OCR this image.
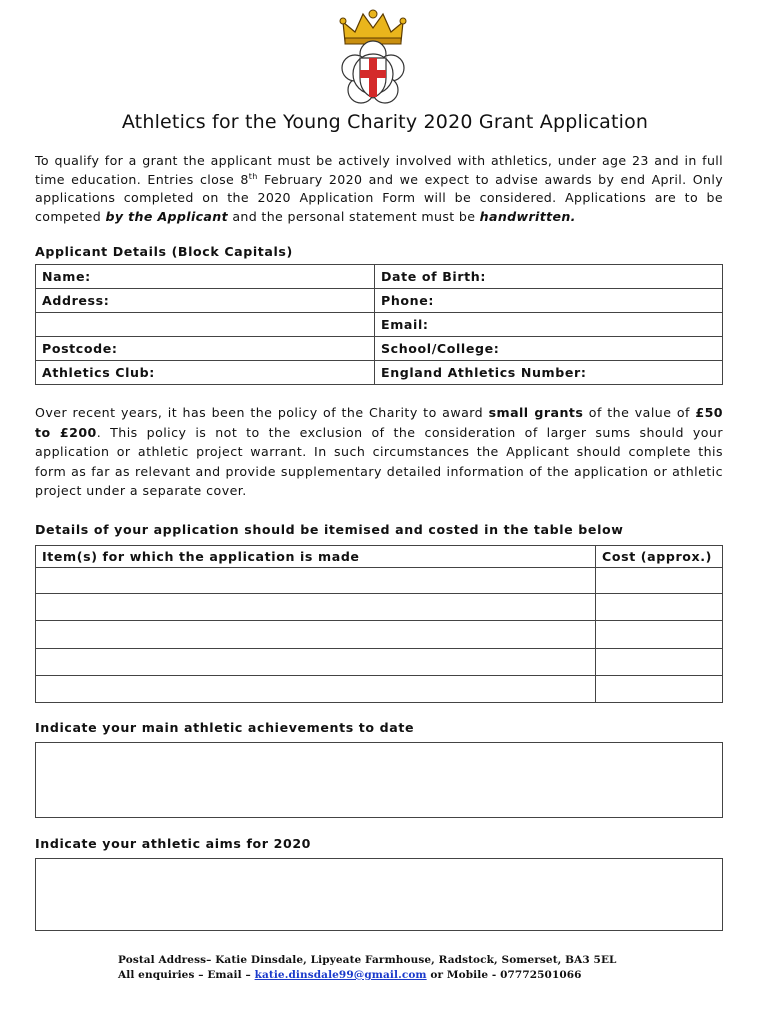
Athletics for the Young Charity 2020 Grant Application
To qualify for a grant the applicant must be actively involved with athletics, under age 23 and in full time education. Entries close 8th February 2020 and we expect to advise awards by end April. Only applications completed on the 2020 Application Form will be considered. Applications are to be competed by the Applicant and the personal statement must be handwritten.
Applicant Details (Block Capitals)
Name:	Date of Birth:
Address:	Phone:
	Email:
Postcode:	School/College:
Athletics Club:	England Athletics Number:
Over recent years, it has been the policy of the Charity to award small grants of the value of £50 to £200. This policy is not to the exclusion of the consideration of larger sums should your application or athletic project warrant. In such circumstances the Applicant should complete this form as far as relevant and provide supplementary detailed information of the application or athletic project under a separate cover.
Details of your application should be itemised and costed in the table below
Item(s) for which the application is made	Cost (approx.)

Indicate your main athletic achievements to date
Indicate your athletic aims for 2020
Postal Address– Katie Dinsdale, Lipyeate Farmhouse, Radstock, Somerset, BA3 5EL
All enquiries – Email – katie.dinsdale99@gmail.com or Mobile - 07772501066
